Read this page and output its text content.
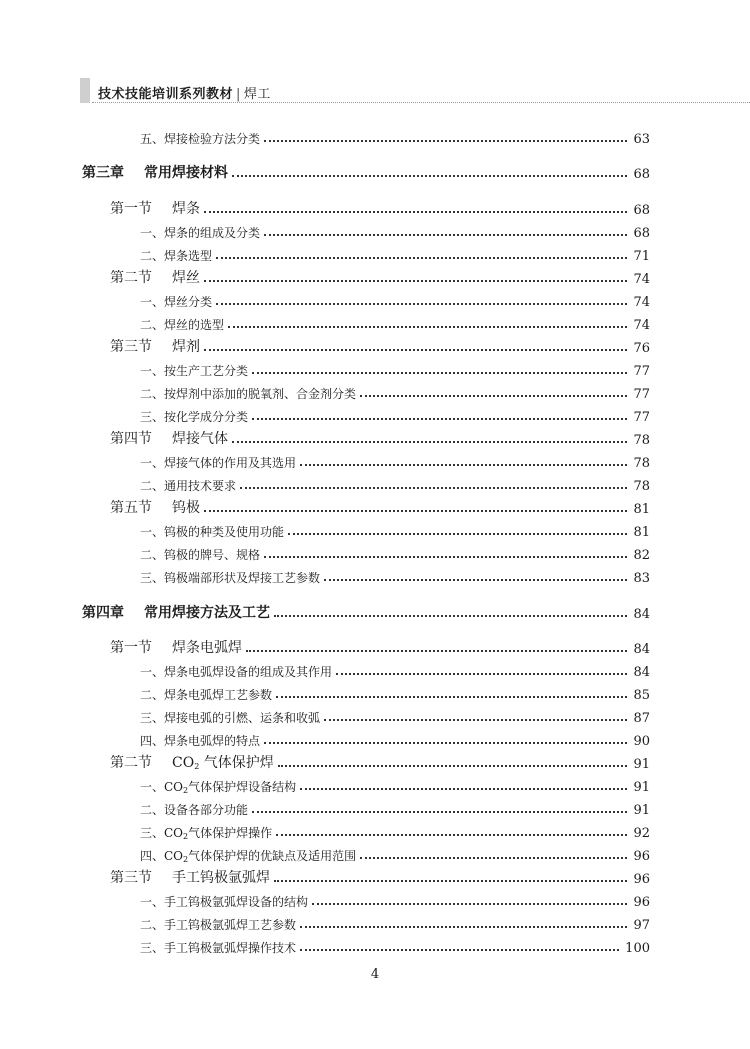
技术技能培训系列教材 | 焊工
五、焊接检验方法分类	63
第三章 常用焊接材料	68
第一节 焊条	68
一、焊条的组成及分类	68
二、焊条选型	71
第二节 焊丝	74
一、焊丝分类	74
二、焊丝的选型	74
第三节 焊剂	76
一、按生产工艺分类	77
二、按焊剂中添加的脱氧剂、合金剂分类	77
三、按化学成分分类	77
第四节 焊接气体	78
一、焊接气体的作用及其选用	78
二、通用技术要求	78
第五节 钨极	81
一、钨极的种类及使用功能	81
二、钨极的牌号、规格	82
三、钨极端部形状及焊接工艺参数	83
第四章 常用焊接方法及工艺	84
第一节 焊条电弧焊	84
一、焊条电弧焊设备的组成及其作用	84
二、焊条电弧焊工艺参数	85
三、焊接电弧的引燃、运条和收弧	87
四、焊条电弧焊的特点	90
第二节 $CO_2$ 气体保护焊	91
一、$CO_2$气体保护焊设备结构	91
二、设备各部分功能	91
三、$CO_2$气体保护焊操作	92
四、$CO_2$气体保护焊的优缺点及适用范围	96
第三节 手工钨极氩弧焊	96
一、手工钨极氩弧焊设备的结构	96
二、手工钨极氩弧焊工艺参数	97
三、手工钨极氩弧焊操作技术	100
4
